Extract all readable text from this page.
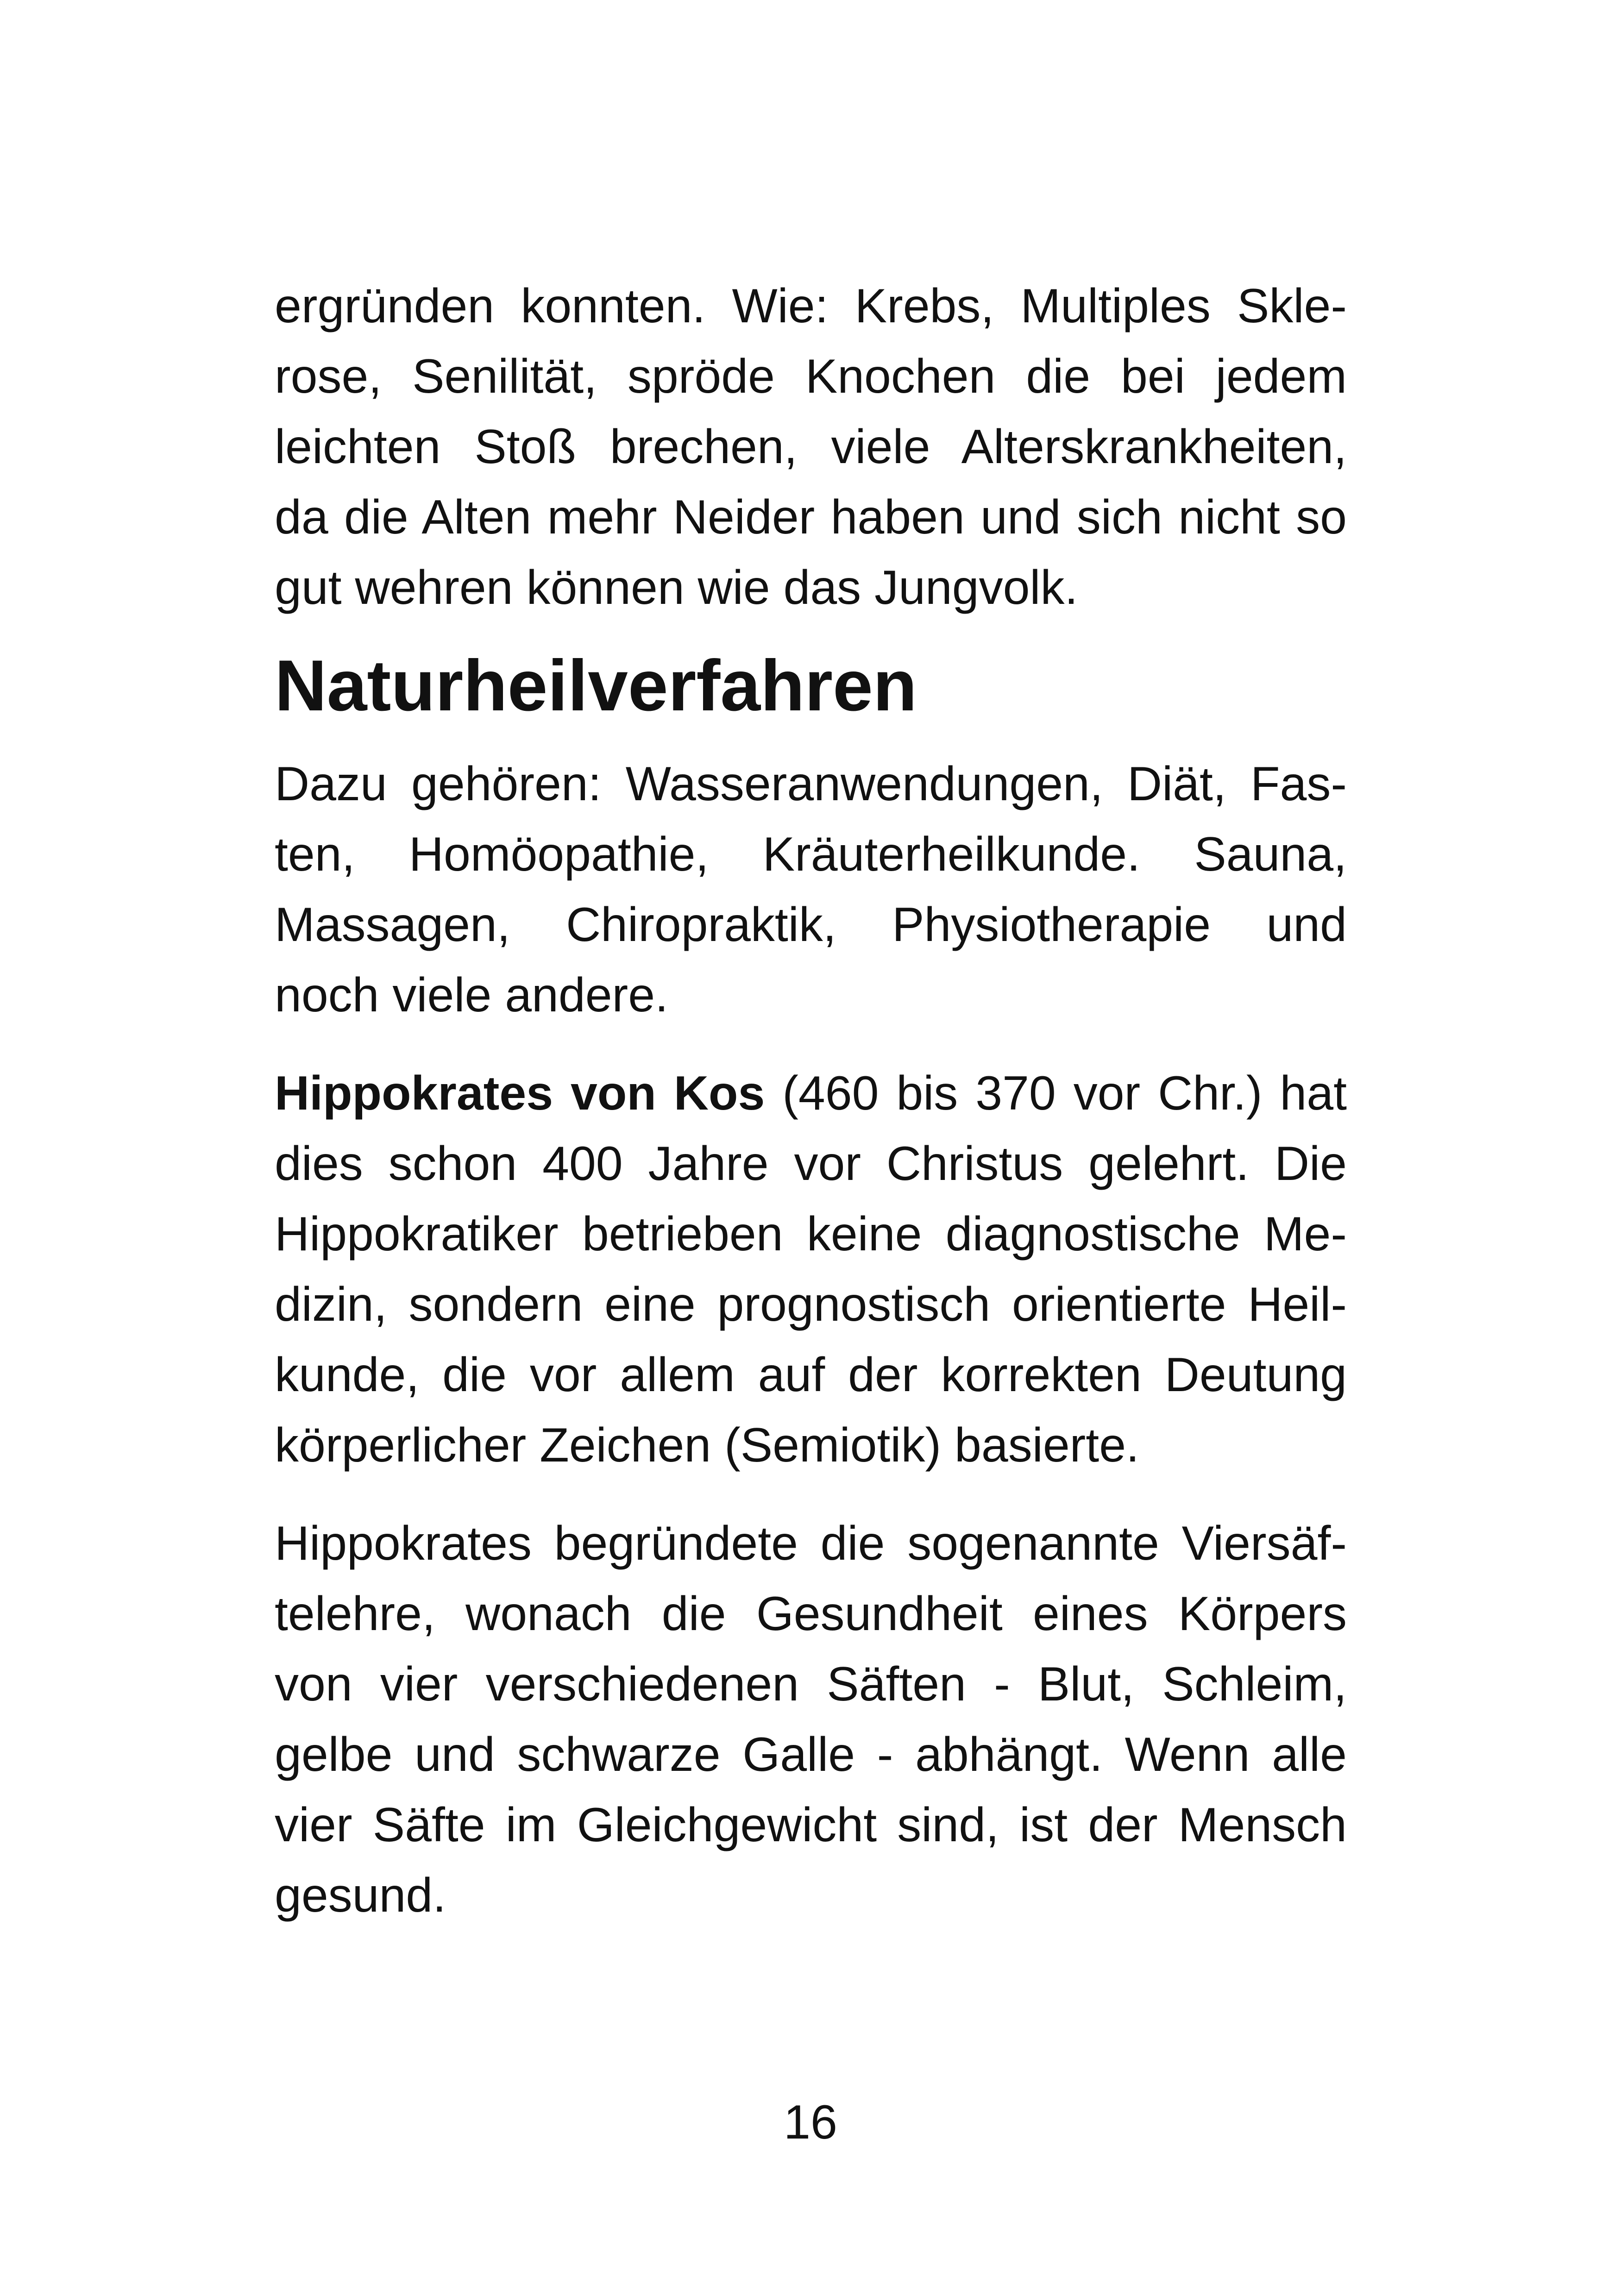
ergründen konnten. Wie: Krebs, Multiples Skle-
rose, Senilität, spröde Knochen die bei jedem
leichten Stoß brechen, viele Alterskrankheiten,
da die Alten mehr Neider haben und sich nicht so
gut wehren können wie das Jungvolk.

Naturheilverfahren

Dazu gehören: Wasseranwendungen, Diät, Fas-
ten, Homöopathie, Kräuterheilkunde. Sauna,
Massagen, Chiropraktik, Physiotherapie und
noch viele andere.

Hippokrates von Kos (460 bis 370 vor Chr.) hat
dies schon 400 Jahre vor Christus gelehrt. Die
Hippokratiker betrieben keine diagnostische Me-
dizin, sondern eine prognostisch orientierte Heil-
kunde, die vor allem auf der korrekten Deutung
körperlicher Zeichen (Semiotik) basierte.

Hippokrates begründete die sogenannte Viersäf-
telehre, wonach die Gesundheit eines Körpers
von vier verschiedenen Säften - Blut, Schleim,
gelbe und schwarze Galle - abhängt. Wenn alle
vier Säfte im Gleichgewicht sind, ist der Mensch
gesund.

16
